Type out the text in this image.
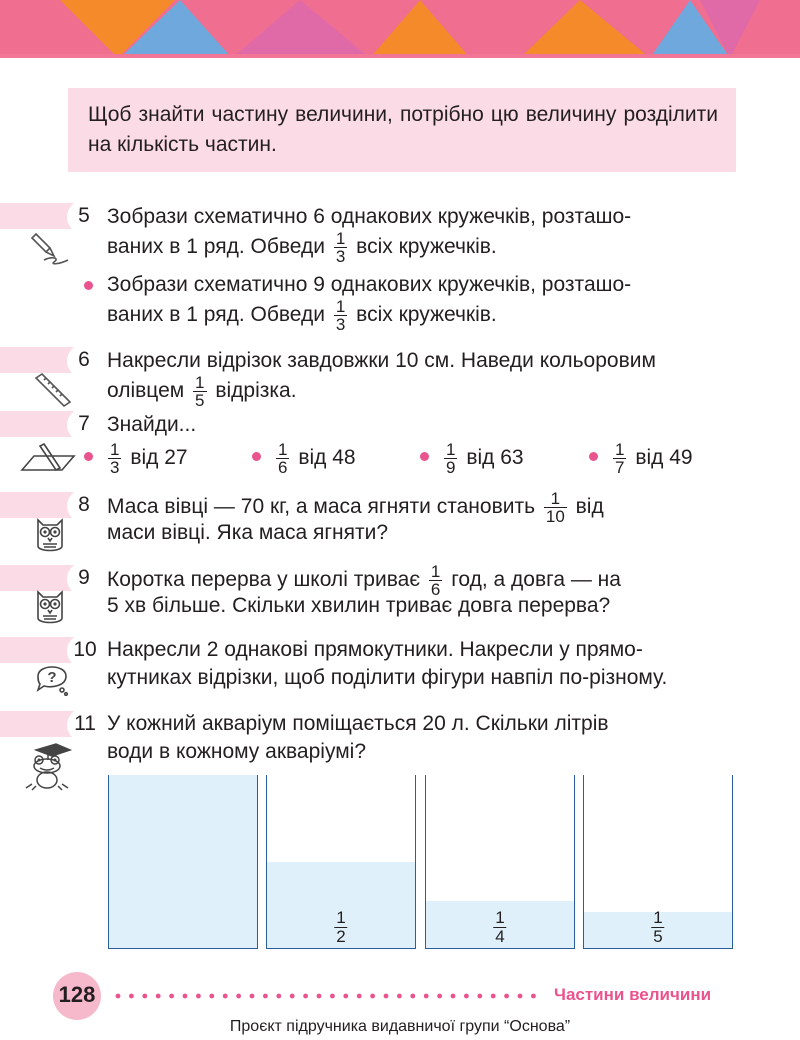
Щоб знайти частину величини, потрібно цю величину розділити на кількість частин.
5 Зобрази схематично 6 однакових кружечків, розташо-
ваних в 1 ряд. Обведи $\frac{1}{3}$ всіх кружечків.
Зобрази схематично 9 однакових кружечків, розташо-
ваних в 1 ряд. Обведи $\frac{1}{3}$ всіх кружечків.
6 Накресли відрізок завдовжки 10 см. Наведи кольоровим
олівцем $\frac{1}{5}$ відрізка.
7 Знайди...
$\frac{1}{3}$ від 27	$\frac{1}{6}$ від 48	$\frac{1}{9}$ від 63	$\frac{1}{7}$ від 49
8 Маса вівці — 70 кг, а маса ягняти становить $\frac{1}{10}$ від
маси вівці. Яка маса ягняти?
9 Коротка перерва у школі триває $\frac{1}{6}$ год, а довга — на
5 хв більше. Скільки хвилин триває довга перерва?
10
?
Накресли 2 однакові прямокутники. Накресли у прямо-
кутниках відрізки, щоб поділити фігури навпіл по-різному.
11 У кожний акваріум поміщається 20 л. Скільки літрів
води в кожному акваріумі?
$\frac{1}{2}$	$\frac{1}{4}$	$\frac{1}{5}$
128	Частини величини
Проєкт підручника видавничої групи “Основа”
